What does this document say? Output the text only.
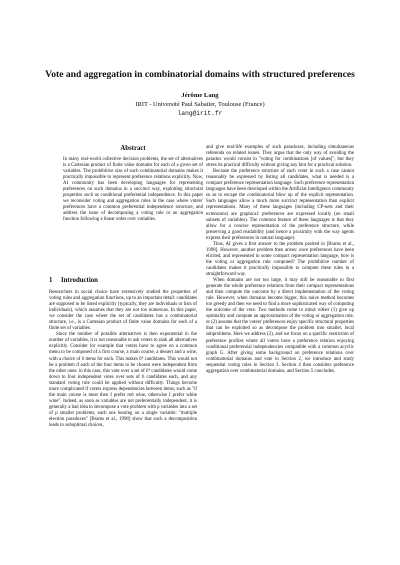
Vote and aggregation in combinatorial domains with structured preferences
Jérôme Lang
IRIT - Université Paul Sabatier, Toulouse (France)
lang@irit.fr
Abstract

In many real-world collective decision problems, the set of alternatives is a Cartesian product of finite value domains for each of a given set of variables. The prohibitive size of such combinatorial domains makes it practically impossible to represent preference relations explicitly. Now, AI community has been developing languages for representing preferences on such domains in a succinct way, exploiting structural properties such as conditional preferential independence. In this paper we reconsider voting and aggregation rules in the case where voters' preferences have a common preferential independence structure, and address the issue of decomposing a voting rule or an aggregation function following a linear order over variables.

1 Introduction

Researchers in social choice have extensively studied the properties of voting rules and aggregation functions, up to an important detail: candidates are supposed to be listed explicitly (typically, they are individuals or lists of individuals), which assumes that they are not too numerous. In this paper, we consider the case where the set of candidates has a combinatorial structure, i.e., is a Cartesian product of finite value domains for each of a finite set of variables.

Since the number of possible alternatives is then exponential in the number of variables, it is not reasonable to ask voters to rank all alternatives explicitly. Consider for example that voters have to agree on a common menu to be composed of a first course, a main course, a dessert and a wine, with a choice of 6 items for each. This makes 6⁴ candidates. This would not be a problem if each of the four items to be chosen were independent from the other ones: in this case, this vote over a set of 6⁴ candidates would come down to four independent votes over sets of 6 candidates each, and any standard voting rule could be applied without difficulty. Things become more complicated if voters express dependencies between items, such as "if the main course is meat then I prefer red wine, otherwise I prefer white wine". Indeed, as soon as variables are not preferentially independent, it is generally a bad idea to decompose a vote problem with p variables into a set of p smaller problems, each one bearing on a single variable: "multiple election paradoxes" [Brams et al., 1998] show that such a decomposition leads to suboptimal choices,

and give real-life examples of such paradoxes, including simultaneous referenda on related issues. They argue that the only way of avoiding the paradox would consist in "voting for combinations [of values]", but they stress its practical difficulty without giving any hint for a practical solution.

Because the preference structure of each voter in such a case cannot reasonably be expressed by listing all candidates, what is needed is a compact preference representation language. Such preference representation languages have been developed within the Artificial Intelligence community so as to escape the combinatorial blow up of the explicit representation. Such languages allow a much more succinct representation than explicit representations. Many of these languages (including CP-nets and their extensions) are graphical: preferences are expressed locally (on small subsets of variables). The common feature of these languages is that they allow for a concise representation of the preference structure, while preserving a good readability (and hence a proximity with the way agents express their preferences in natural language).

Thus, AI gives a first answer to the problem posited in [Brams et al., 1998]. However, another problem then arises: once preferences have been elicited, and represented in some compact representation language, how is the voting or aggregation rule computed? The prohibitive number of candidates makes it practically impossible to compute these rules in a straightforward way.

When domains are not too large, it may still be reasonable to first generate the whole preference relations from their compact representations and then compute the outcome by a direct implementation of the voting rule. However, when domains become bigger, this naive method becomes too greedy and then we need to find a more sophisticated way of computing the outcome of the vote. Two methods come to mind: either (1) give up optimality and compute an approximation of the voting or aggregation rule, or (2) assume that the voters' preferences enjoy specific structural properties that can be exploited so as decompose the problem into smaller, local subproblems. Here we address (2), and we focus on a specific restriction of preference profiles where all voters have a preference relation enjoying conditional preferential independencies compatible with a common acyclic graph G. After giving some background on preference relations over combinatorial domains and vote in Section 2, we introduce and study sequential voting rules in Section 3. Section 4 then considers preference aggregation over combinatorial domains, and Section 5 concludes.
